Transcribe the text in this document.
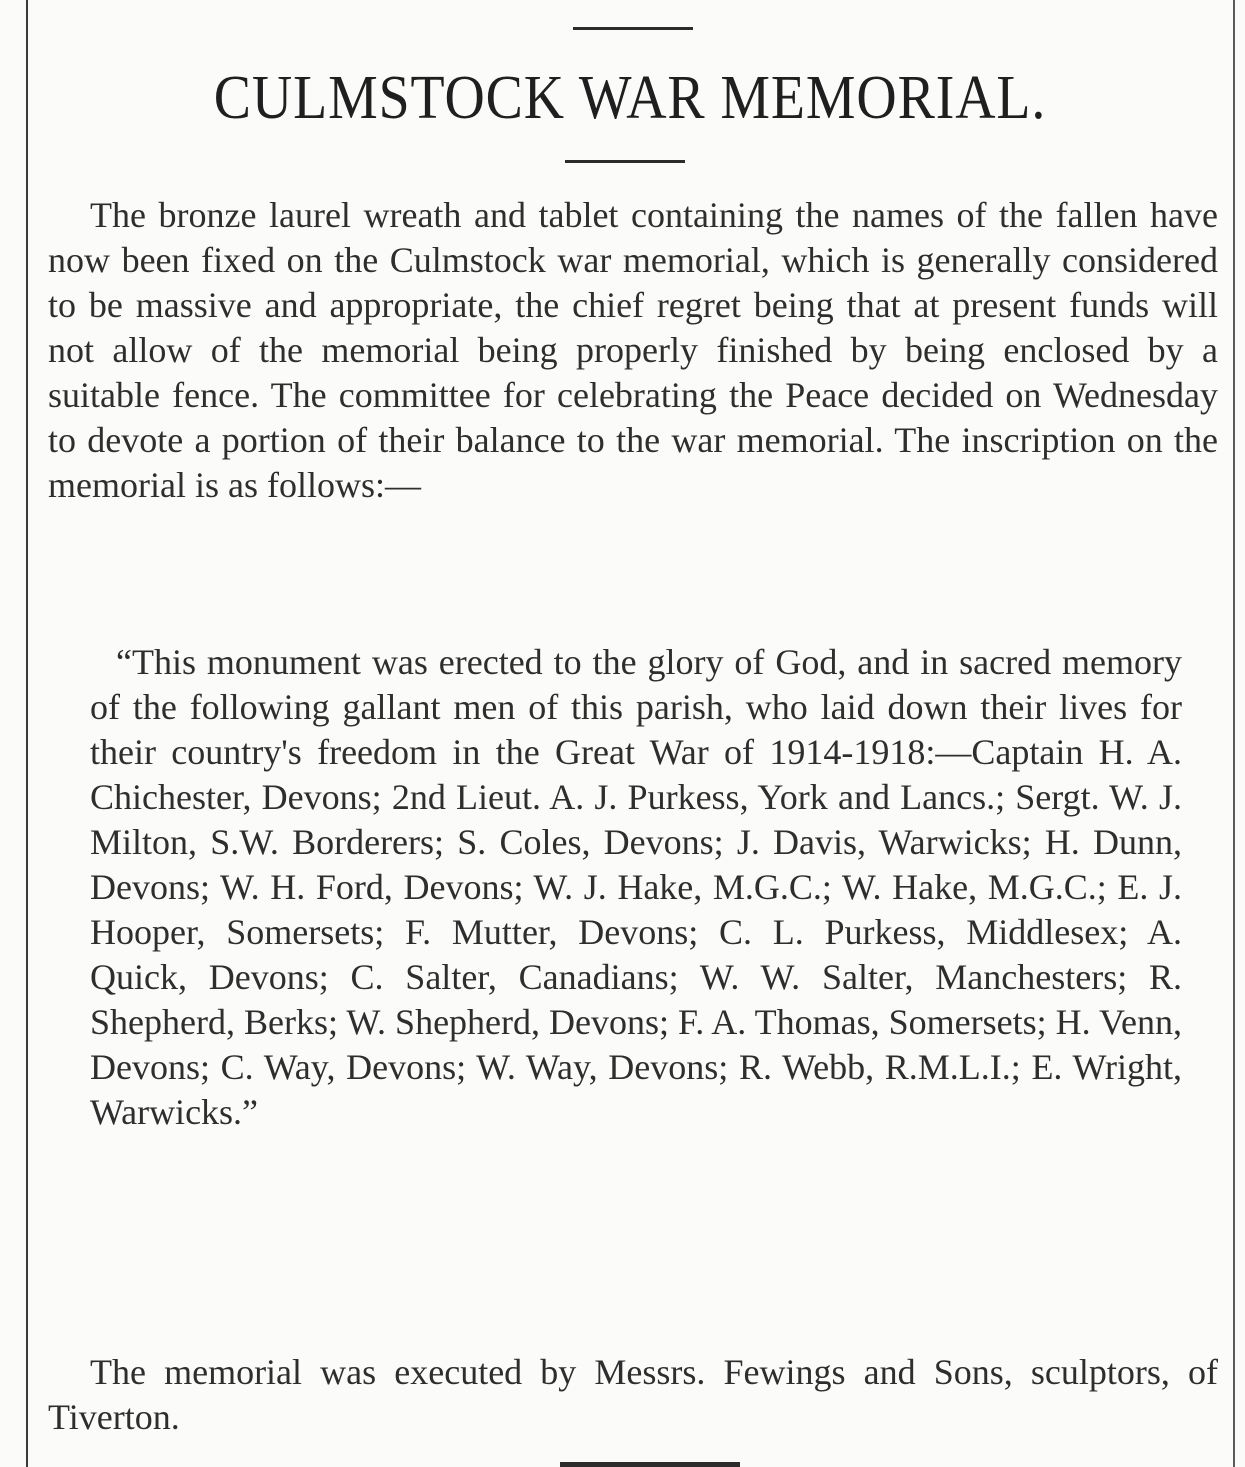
CULMSTOCK WAR MEMORIAL.

The bronze laurel wreath and tablet containing the names of the fallen have now been fixed on the Culmstock war memorial, which is generally considered to be massive and appropriate, the chief regret being that at present funds will not allow of the memorial being properly finished by being enclosed by a suitable fence. The committee for celebrating the Peace decided on Wednesday to devote a portion of their balance to the war memorial. The inscription on the memorial is as follows:—

“This monument was erected to the glory of God, and in sacred memory of the following gallant men of this parish, who laid down their lives for their country's freedom in the Great War of 1914-1918:—Captain H. A. Chichester, Devons; 2nd Lieut. A. J. Purkess, York and Lancs.; Sergt. W. J. Milton, S.W. Borderers; S. Coles, Devons; J. Davis, Warwicks; H. Dunn, Devons; W. H. Ford, Devons; W. J. Hake, M.G.C.; W. Hake, M.G.C.; E. J. Hooper, Somersets; F. Mutter, Devons; C. L. Purkess, Middlesex; A. Quick, Devons; C. Salter, Canadians; W. W. Salter, Manchesters; R. Shepherd, Berks; W. Shepherd, Devons; F. A. Thomas, Somersets; H. Venn, Devons; C. Way, Devons; W. Way, Devons; R. Webb, R.M.L.I.; E. Wright, Warwicks.”

The memorial was executed by Messrs. Fewings and Sons, sculptors, of Tiverton.
